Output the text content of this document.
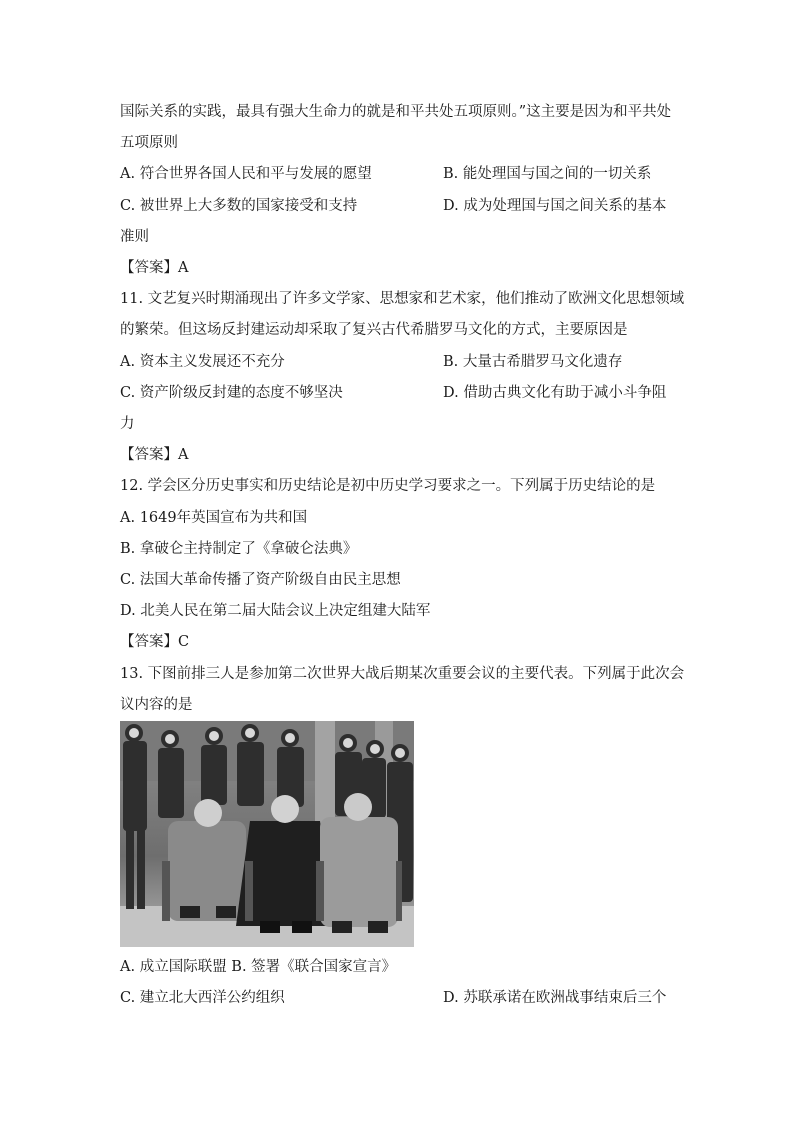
国际关系的实践，最具有强大生命力的就是和平共处五项原则。”这主要是因为和平共处
五项原则
A. 符合世界各国人民和平与发展的愿望	B. 能处理国与国之间的一切关系
C. 被世界上大多数的国家接受和支持	D. 成为处理国与国之间关系的基本
准则
【答案】A
11. 文艺复兴时期涌现出了许多文学家、思想家和艺术家，他们推动了欧洲文化思想领域
的繁荣。但这场反封建运动却采取了复兴古代希腊罗马文化的方式，主要原因是
A. 资本主义发展还不充分	B. 大量古希腊罗马文化遗存
C. 资产阶级反封建的态度不够坚决	D. 借助古典文化有助于减小斗争阻
力
【答案】A
12. 学会区分历史事实和历史结论是初中历史学习要求之一。下列属于历史结论的是
A. 1649年英国宣布为共和国
B. 拿破仑主持制定了《拿破仑法典》
C. 法国大革命传播了资产阶级自由民主思想
D. 北美人民在第二届大陆会议上决定组建大陆军
【答案】C
13. 下图前排三人是参加第二次世界大战后期某次重要会议的主要代表。下列属于此次会
议内容的是
A. 成立国际联盟 B. 签署《联合国家宣言》
C. 建立北大西洋公约组织	D. 苏联承诺在欧洲战事结束后三个
